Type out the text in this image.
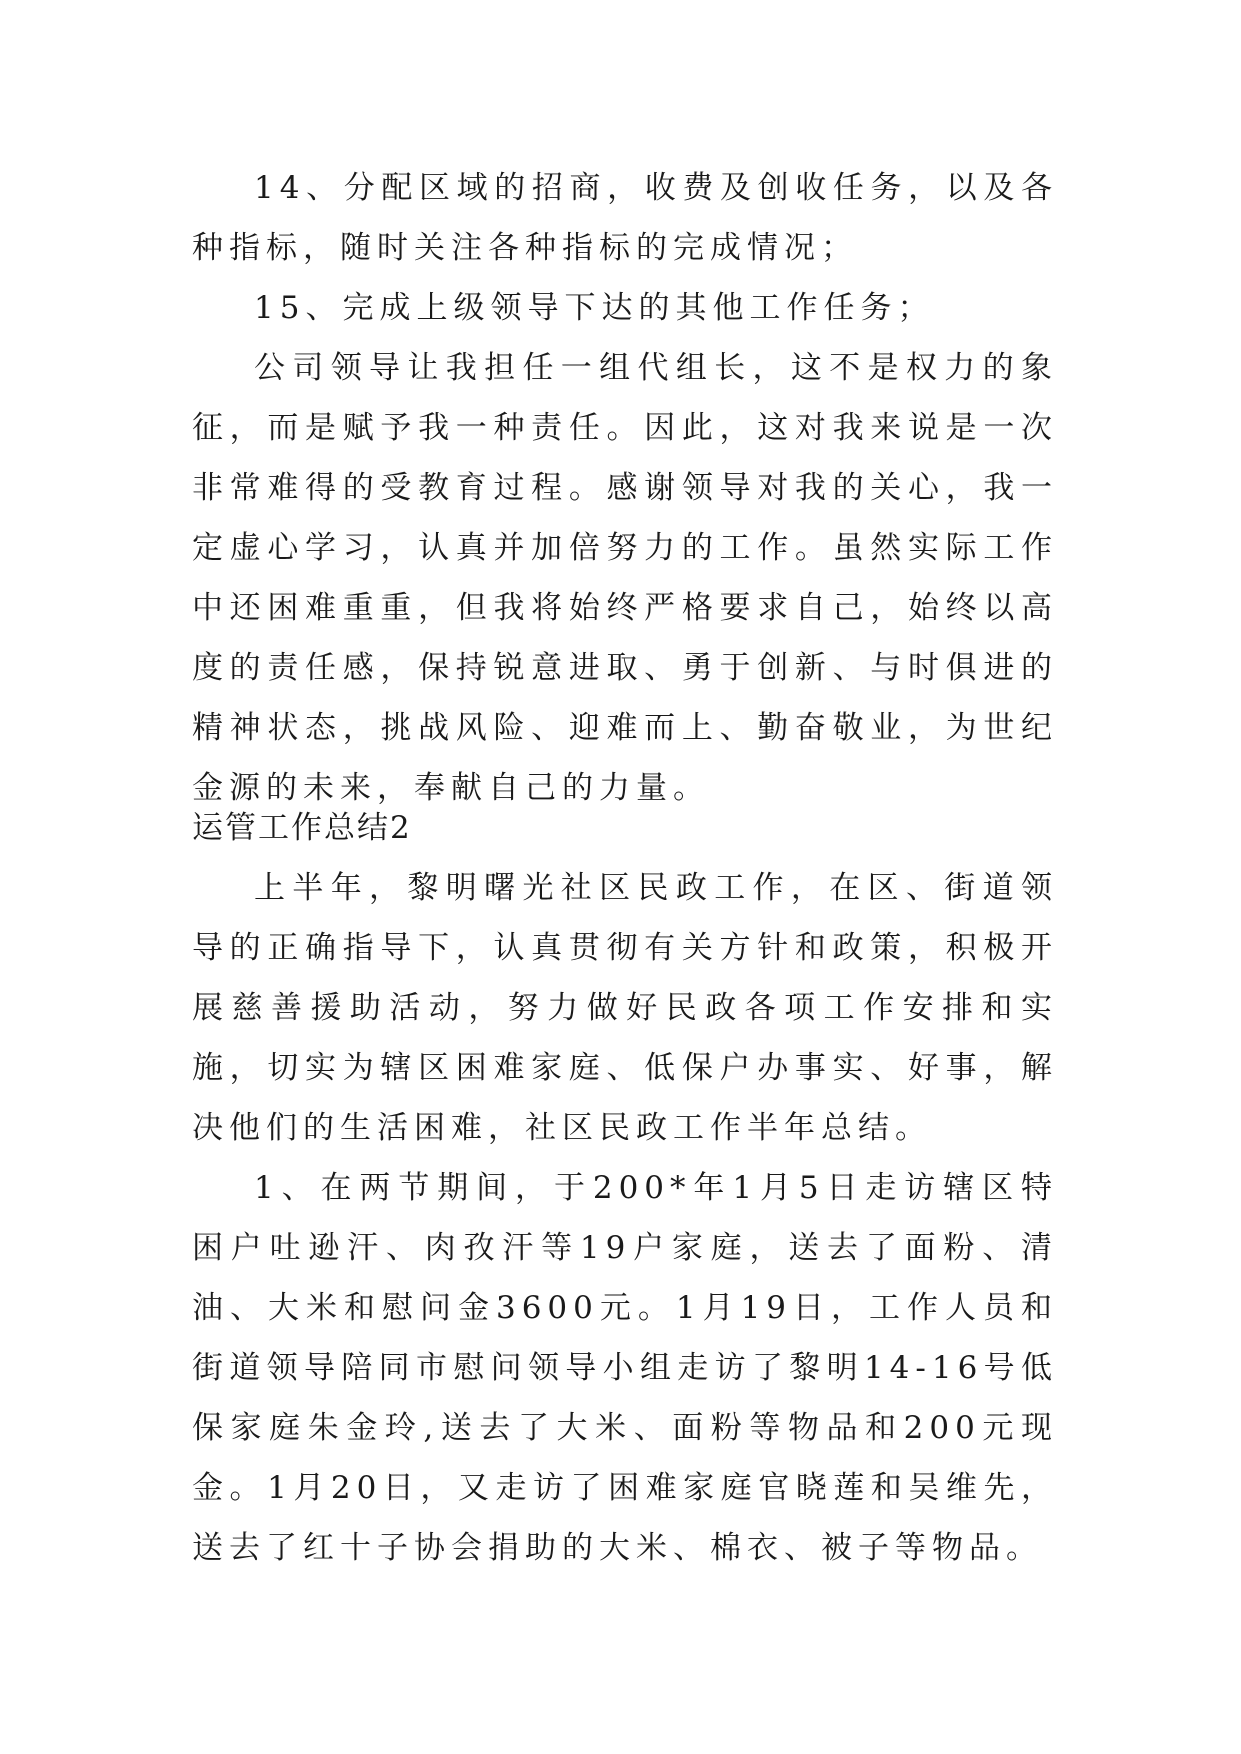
14、分配区域的招商，收费及创收任务，以及各种指标，随时关注各种指标的完成情况；

15、完成上级领导下达的其他工作任务；

公司领导让我担任一组代组长，这不是权力的象征，而是赋予我一种责任。因此，这对我来说是一次非常难得的受教育过程。感谢领导对我的关心，我一定虚心学习，认真并加倍努力的工作。虽然实际工作中还困难重重，但我将始终严格要求自己，始终以高度的责任感，保持锐意进取、勇于创新、与时俱进的精神状态，挑战风险、迎难而上、勤奋敬业，为世纪金源的未来，奉献自己的力量。

运管工作总结2

上半年，黎明曙光社区民政工作，在区、街道领导的正确指导下，认真贯彻有关方针和政策，积极开展慈善援助活动，努力做好民政各项工作安排和实施，切实为辖区困难家庭、低保户办事实、好事，解决他们的生活困难，社区民政工作半年总结。

1、在两节期间，于200*年1月5日走访辖区特困户吐逊汗、肉孜汗等19户家庭，送去了面粉、清油、大米和慰问金3600元。1月19日，工作人员和街道领导陪同市慰问领导小组走访了黎明14-16号低保家庭朱金玲,送去了大米、面粉等物品和200元现金。1月20日，又走访了困难家庭官晓莲和吴维先，送去了红十子协会捐助的大米、棉衣、被子等物品。
